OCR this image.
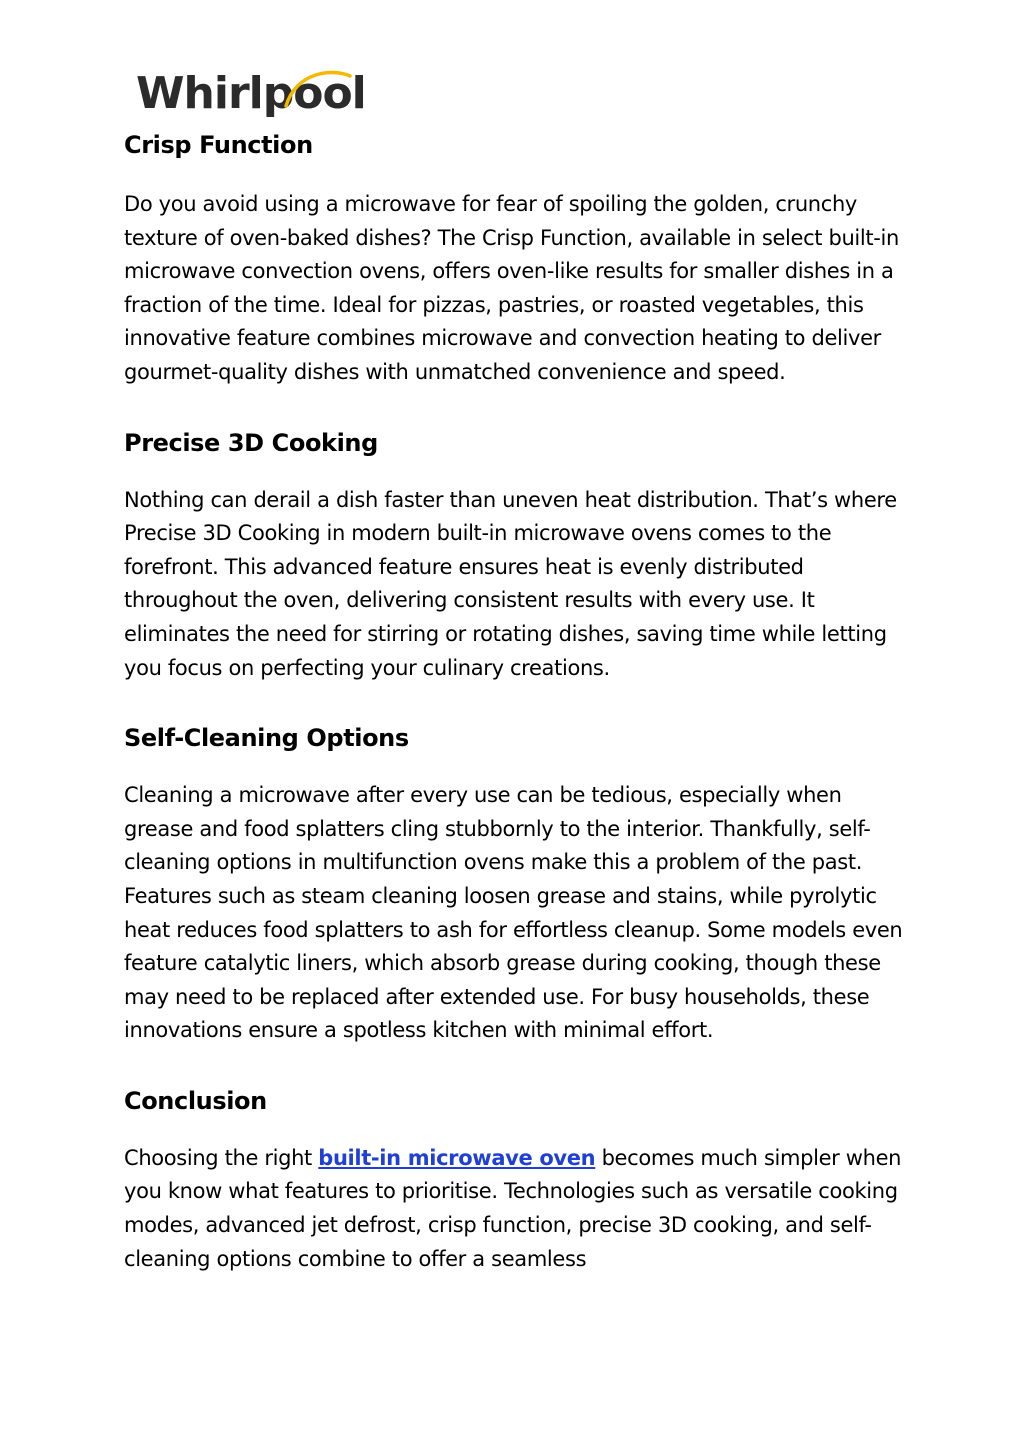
Whirlpool
Crisp Function

Do you avoid using a microwave for fear of spoiling the golden, crunchy texture of oven-baked dishes? The Crisp Function, available in select built-in microwave convection ovens, offers oven-like results for smaller dishes in a fraction of the time. Ideal for pizzas, pastries, or roasted vegetables, this innovative feature combines microwave and convection heating to deliver gourmet-quality dishes with unmatched convenience and speed.

Precise 3D Cooking

Nothing can derail a dish faster than uneven heat distribution. That’s where Precise 3D Cooking in modern built-in microwave ovens comes to the forefront. This advanced feature ensures heat is evenly distributed throughout the oven, delivering consistent results with every use. It eliminates the need for stirring or rotating dishes, saving time while letting you focus on perfecting your culinary creations.

Self-Cleaning Options

Cleaning a microwave after every use can be tedious, especially when grease and food splatters cling stubbornly to the interior. Thankfully, self-cleaning options in multifunction ovens make this a problem of the past. Features such as steam cleaning loosen grease and stains, while pyrolytic heat reduces food splatters to ash for effortless cleanup. Some models even feature catalytic liners, which absorb grease during cooking, though these may need to be replaced after extended use. For busy households, these innovations ensure a spotless kitchen with minimal effort.

Conclusion

Choosing the right built-in microwave oven becomes much simpler when you know what features to prioritise. Technologies such as versatile cooking modes, advanced jet defrost, crisp function, precise 3D cooking, and self-cleaning options combine to offer a seamless
